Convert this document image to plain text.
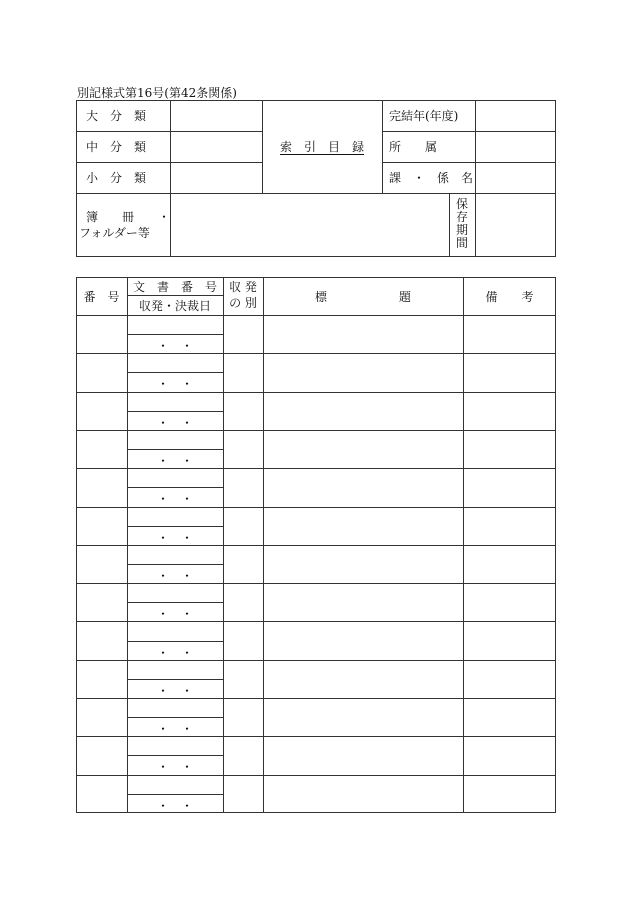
別記様式第16号(第42条関係)
大　分　類
中　分　類
小　分　類
索　引　目　録
完結年(年度)
所　　属
課　・　係　名
簿　　冊　　・
フォルダー等
保存期間
番　号
文　書　番　号
収発・決裁日
収 発
の 別	標　　　　　　題	備　　考
・　・
・　・
・　・
・　・
・　・
・　・
・　・
・　・
・　・
・　・
・　・
・　・
・　・
